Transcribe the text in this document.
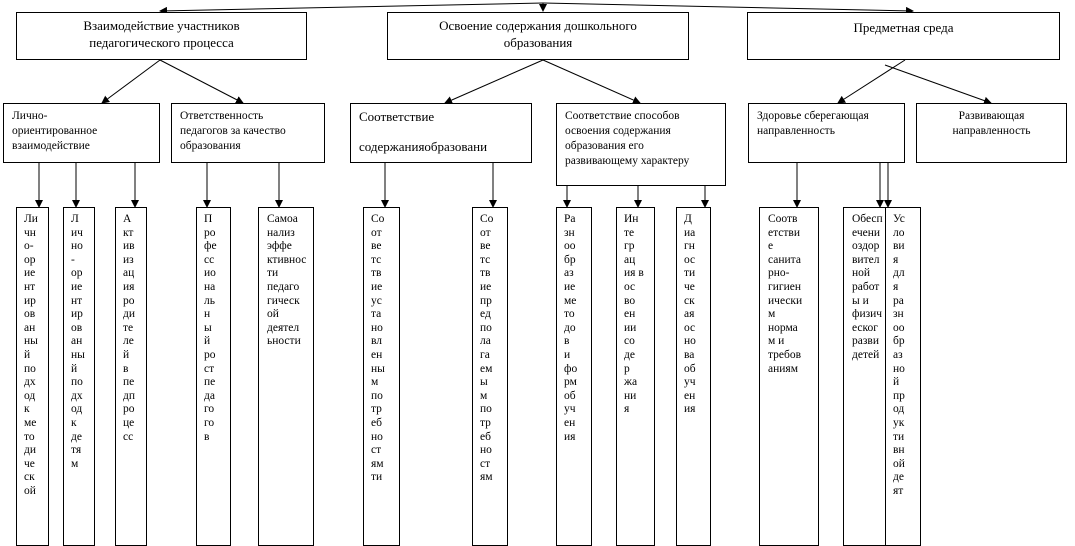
Взаимодействие участников
педагогического процесса
Освоение содержания дошкольного
образования
Предметная среда
Лично-
ориентированное
взаимодействие
Ответственность
педагогов за качество
образования
Соответствие

содержанияобразовани
Соответствие способов
освоения содержания
образования его
развивающему характеру
Здоровье сберегающая
направленность
Развивающая
направленность
Ли
чн
о-
ор
ие
нт
ир
ов
ан
ны
й
по
дх
од
к
ме
то
ди
че
ск
ой
Л
ич
но
-
ор
ие
нт
ир
ов
ан
ны
й
по
дх
од
к
де
тя
м
А
кт
ив
из
ац
ия
ро
ди
те
ле
й
в
пе
дп
ро
це
сс
П
ро
фе
сс
ио
на
ль
н
ы
й
ро
ст
пе
да
го
го
в
Самоа
нализ
эффе
ктивнос
ти
педаго
гическ
ой
деятел
ьности
Со
от
ве
тс
тв
ие
ус
та
но
вл
ен
ны
м
по
тр
еб
но
ст
ям
ти
Со
от
ве
тс
тв
ие
пр
ед
по
ла
га
ем
ы
м
по
тр
еб
но
ст
ям
Ра
зн
оо
бр
аз
ие
ме
то
до
в
и
фо
рм
об
уч
ен
ия
Ин
те
гр
ац
ия в
ос
во
ен
ии
со
де
р
жа
ни
я
Д
иа
гн
ос
ти
че
ск
ая
ос
но
ва
об
уч
ен
ия
Соотв
етстви
е
санита
рно-
гигиен
ически
м
норма
м и
требов
аниям
Обесп
ечени
оздор
вител
ной
работ
ы и
физич
еског
разви
детей
Ус
ло
ви
я
дл
я
ра
зн
оо
бр
аз
но
й
пр
од
ук
ти
вн
ой
де
ят
